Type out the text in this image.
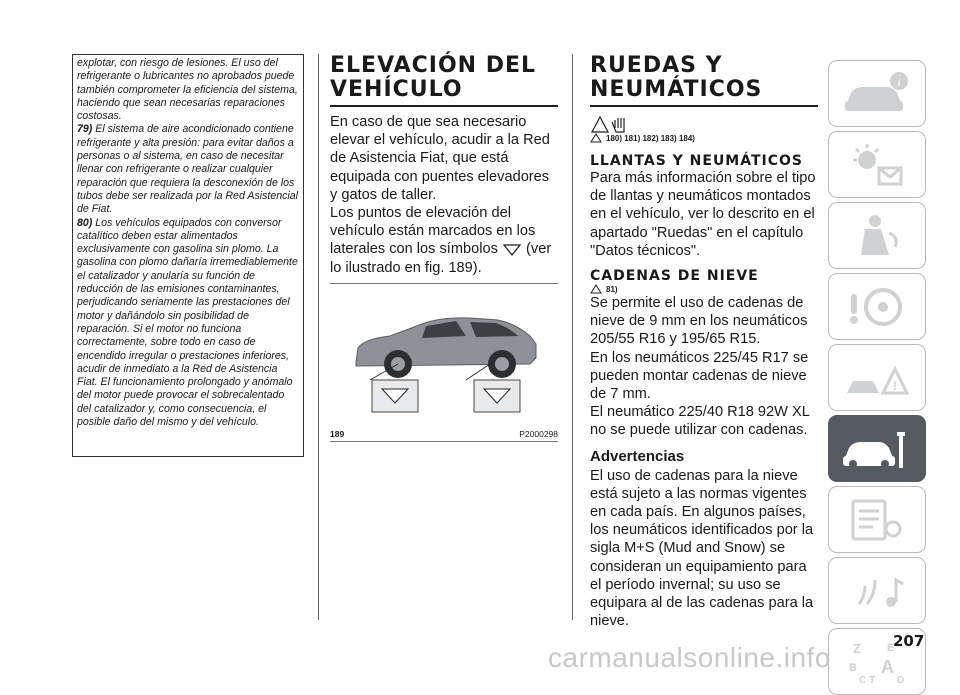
explotar, con riesgo de lesiones. El uso del refrigerante o lubricantes no aprobados puede también comprometer la eficiencia del sistema, haciendo que sean necesarias reparaciones costosas.

79) El sistema de aire acondicionado contiene refrigerante y alta presión: para evitar daños a personas o al sistema, en caso de necesitar llenar con refrigerante o realizar cualquier reparación que requiera la desconexión de los tubos debe ser realizada por la Red Asistencial de Fiat.

80) Los vehículos equipados con conversor catalítico deben estar alimentados exclusivamente con gasolina sin plomo. La gasolina con plomo dañaría irremediablemente el catalizador y anularía su función de reducción de las emisiones contaminantes, perjudicando seriamente las prestaciones del motor y dañándolo sin posibilidad de reparación. Si el motor no funciona correctamente, sobre todo en caso de encendido irregular o prestaciones inferiores, acudir de inmediato a la Red de Asistencia Fiat. El funcionamiento prolongado y anómalo del motor puede provocar el sobrecalentado del catalizador y, como consecuencia, el posible daño del mismo y del vehículo.

ELEVACIÓN DEL VEHÍCULO

En caso de que sea necesario elevar el vehículo, acudir a la Red de Asistencia Fiat, que está equipada con puentes elevadores y gatos de taller.

Los puntos de elevación del vehículo están marcados en los laterales con los símbolos (ver lo ilustrado en fig. 189).

189	P2000298
RUEDAS Y NEUMÁTICOS
180) 181) 182) 183) 184)
LLANTAS Y NEUMÁTICOS

Para más información sobre el tipo de llantas y neumáticos montados en el vehículo, ver lo descrito en el apartado "Ruedas" en el capítulo "Datos técnicos".

CADENAS DE NIEVE
81)

Se permite el uso de cadenas de nieve de 9 mm en los neumáticos 205/55 R16 y 195/65 R15.

En los neumáticos 225/45 R17 se pueden montar cadenas de nieve de 7 mm.

El neumático 225/40 R18 92W XL no se puede utilizar con cadenas.

Advertencias

El uso de cadenas para la nieve está sujeto a las normas vigentes en cada país. En algunos países, los neumáticos identificados por la sigla M+S (Mud and Snow) se consideran un equipamiento para el período invernal; su uso se equipara al de las cadenas para la nieve.

i
!
Z E
B A
C T D
207
carmanualsonline.info
